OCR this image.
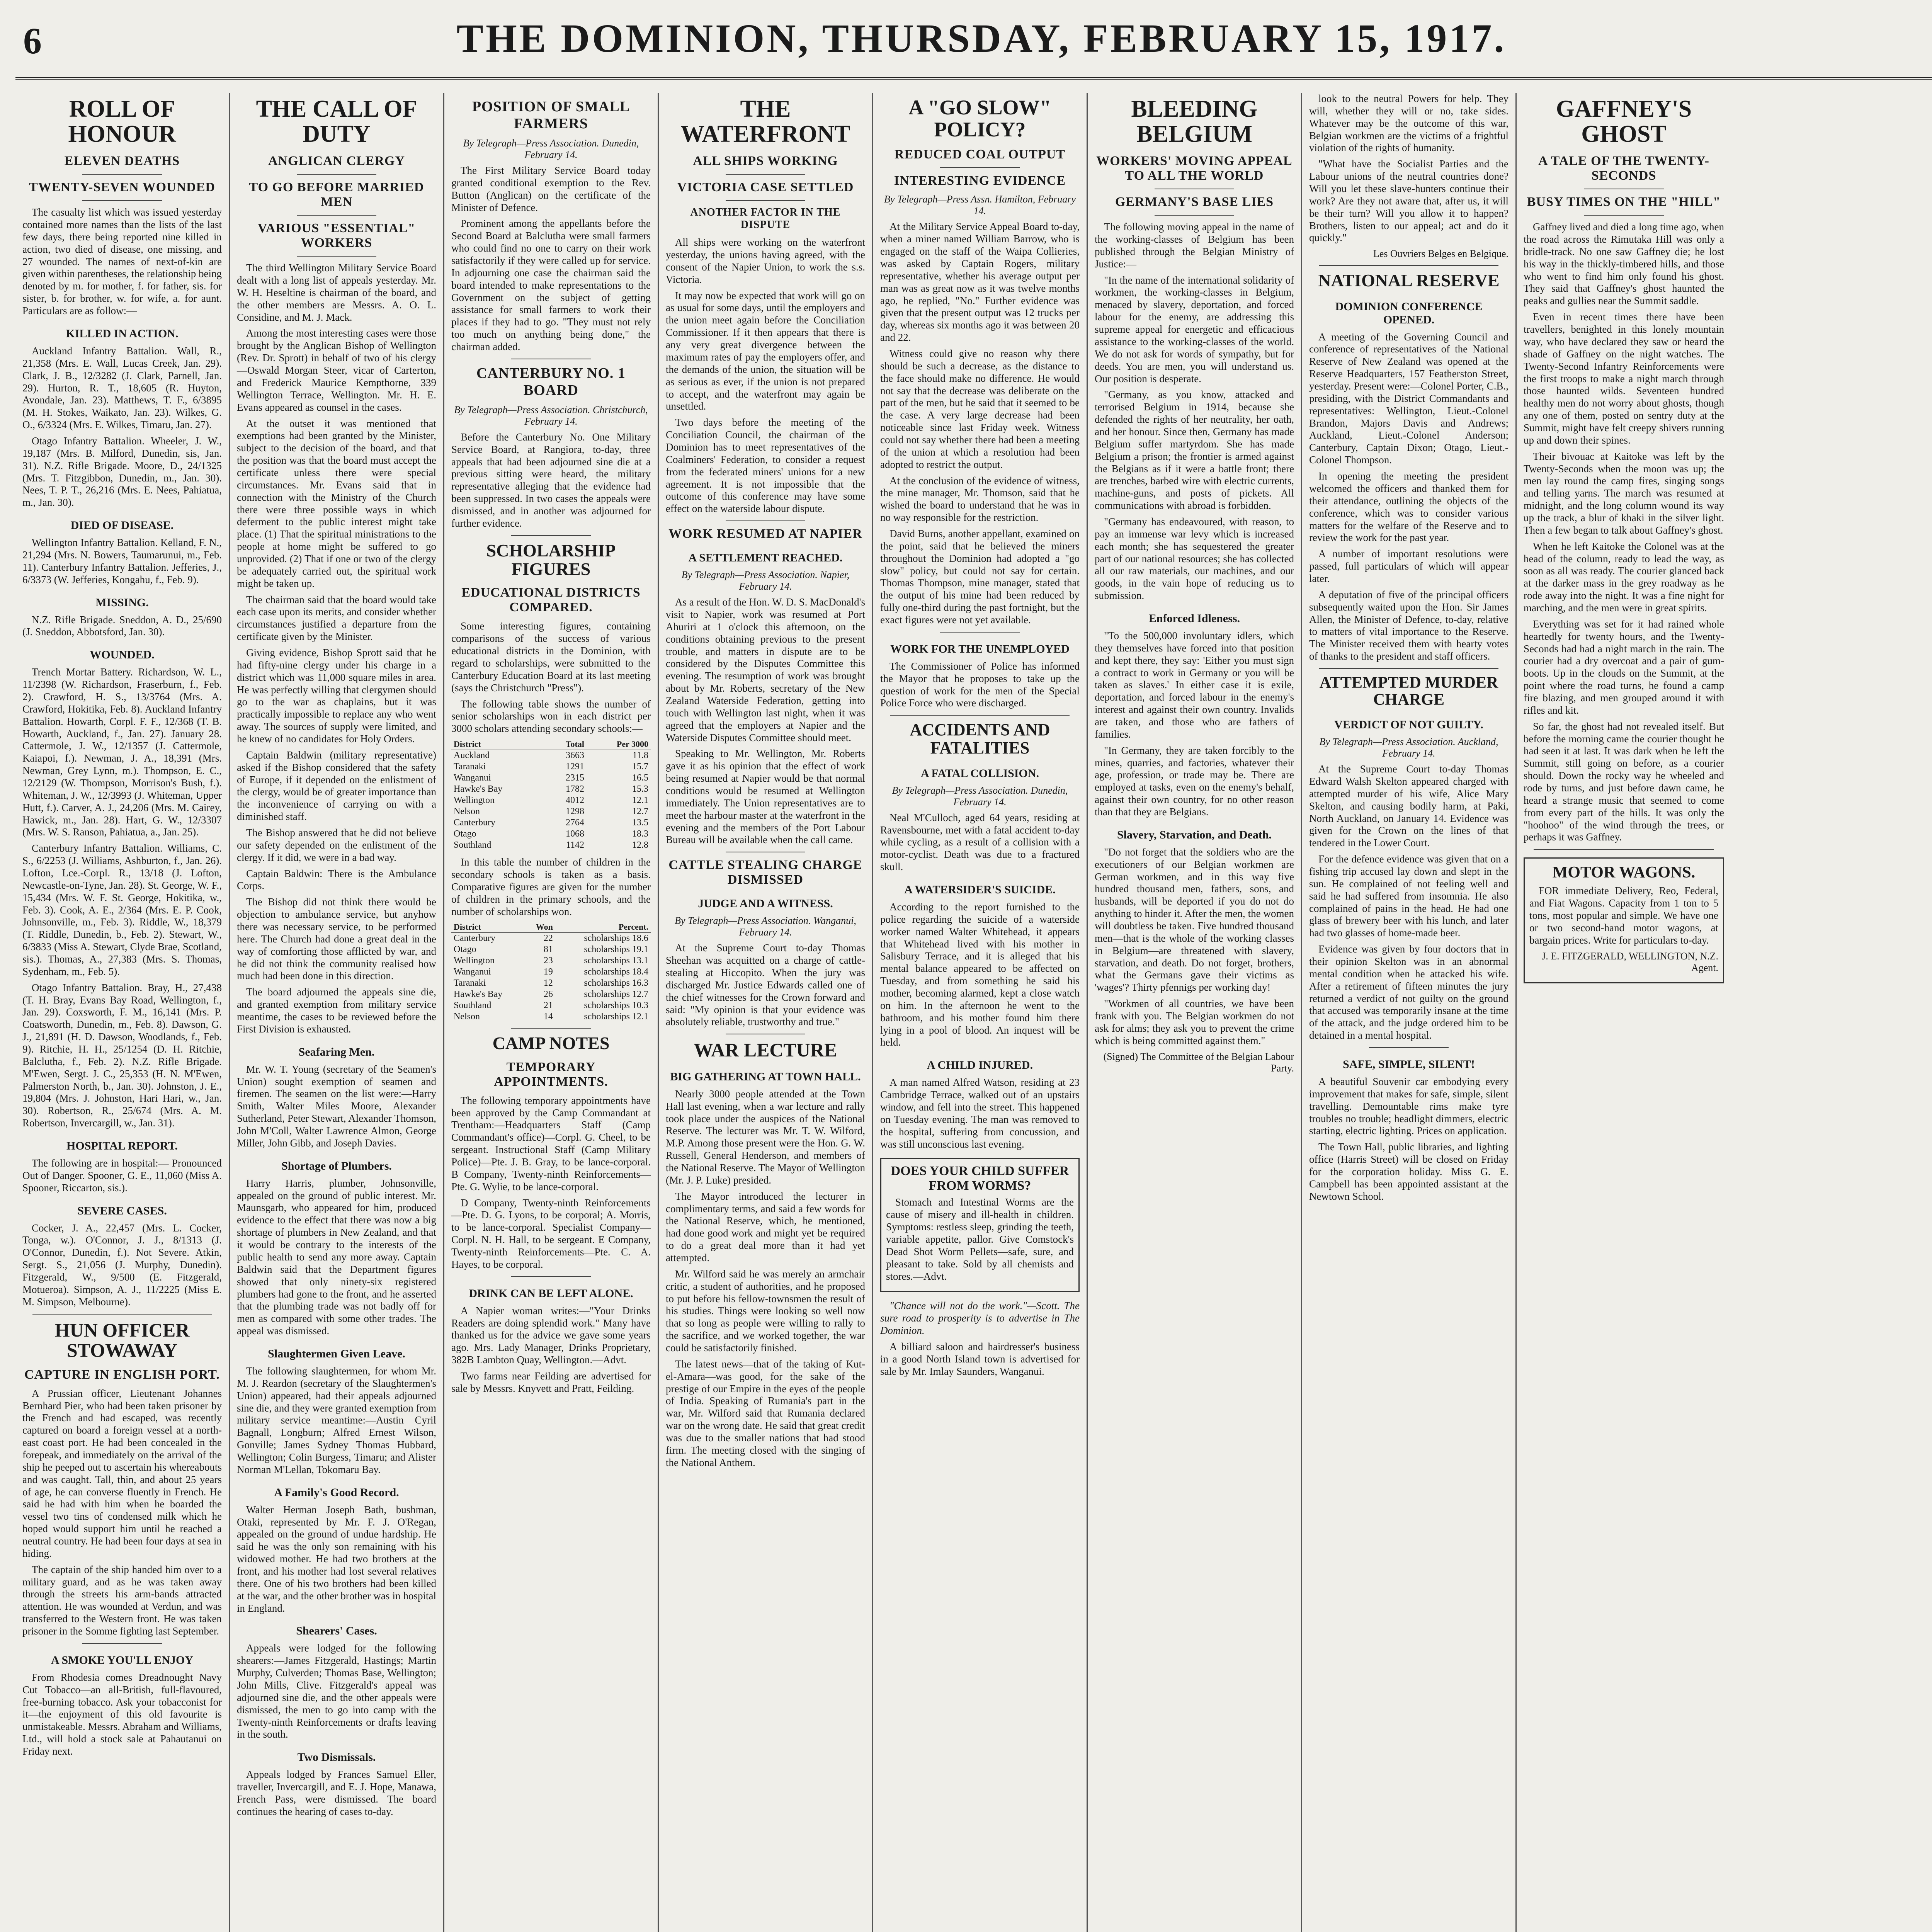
6	THE DOMINION, THURSDAY, FEBRUARY 15, 1917.
ROLL OF HONOUR
ELEVEN DEATHS
TWENTY-SEVEN WOUNDED

The casualty list which was issued yesterday contained more names than the lists of the last few days, there being reported nine killed in action, two died of disease, one missing, and 27 wounded. The names of next-of-kin are given within parentheses, the relationship being denoted by m. for mother, f. for father, sis. for sister, b. for brother, w. for wife, a. for aunt. Particulars are as follow:—

KILLED IN ACTION.

Auckland Infantry Battalion. Wall, R., 21,358 (Mrs. E. Wall, Lucas Creek, Jan. 29). Clark, J. B., 12/3282 (J. Clark, Parnell, Jan. 29). Hurton, R. T., 18,605 (R. Huyton, Avondale, Jan. 23). Matthews, T. F., 6/3895 (M. H. Stokes, Waikato, Jan. 23). Wilkes, G. O., 6/3324 (Mrs. E. Wilkes, Timaru, Jan. 27).

Otago Infantry Battalion. Wheeler, J. W., 19,187 (Mrs. B. Milford, Dunedin, sis, Jan. 31). N.Z. Rifle Brigade. Moore, D., 24/1325 (Mrs. T. Fitzgibbon, Dunedin, m., Jan. 30). Nees, T. P. T., 26,216 (Mrs. E. Nees, Pahiatua, m., Jan. 30).

DIED OF DISEASE.

Wellington Infantry Battalion. Kelland, F. N., 21,294 (Mrs. N. Bowers, Taumarunui, m., Feb. 11). Canterbury Infantry Battalion. Jefferies, J., 6/3373 (W. Jefferies, Kongahu, f., Feb. 9).

MISSING.

N.Z. Rifle Brigade. Sneddon, A. D., 25/690 (J. Sneddon, Abbotsford, Jan. 30).

WOUNDED.

Trench Mortar Battery. Richardson, W. L., 11/2398 (W. Richardson, Fraserburn, f., Feb. 2). Crawford, H. S., 13/3764 (Mrs. A. Crawford, Hokitika, Feb. 8). Auckland Infantry Battalion. Howarth, Corpl. F. F., 12/368 (T. B. Howarth, Auckland, f., Jan. 27). January 28. Cattermole, J. W., 12/1357 (J. Cattermole, Kaiapoi, f.). Newman, J. A., 18,391 (Mrs. Newman, Grey Lynn, m.). Thompson, E. C., 12/2129 (W. Thompson, Morrison's Bush, f.). Whiteman, J. W., 12/3993 (J. Whiteman, Upper Hutt, f.). Carver, A. J., 24,206 (Mrs. M. Cairey, Hawick, m., Jan. 28). Hart, G. W., 12/3307 (Mrs. W. S. Ranson, Pahiatua, a., Jan. 25).

Canterbury Infantry Battalion. Williams, C. S., 6/2253 (J. Williams, Ashburton, f., Jan. 26). Lofton, Lce.-Corpl. R., 13/18 (J. Lofton, Newcastle-on-Tyne, Jan. 28). St. George, W. F., 15,434 (Mrs. W. F. St. George, Hokitika, w., Feb. 3). Cook, A. E., 2/364 (Mrs. E. P. Cook, Johnsonville, m., Feb. 3). Riddle, W., 18,379 (T. Riddle, Dunedin, b., Feb. 2). Stewart, W., 6/3833 (Miss A. Stewart, Clyde Brae, Scotland, sis.). Thomas, A., 27,383 (Mrs. S. Thomas, Sydenham, m., Feb. 5).

Otago Infantry Battalion. Bray, H., 27,438 (T. H. Bray, Evans Bay Road, Wellington, f., Jan. 29). Coxsworth, F. M., 16,141 (Mrs. P. Coatsworth, Dunedin, m., Feb. 8). Dawson, G. J., 21,891 (H. D. Dawson, Woodlands, f., Feb. 9). Ritchie, H. H., 25/1254 (D. H. Ritchie, Balclutha, f., Feb. 2). N.Z. Rifle Brigade. M'Ewen, Sergt. J. C., 25,353 (H. N. M'Ewen, Palmerston North, b., Jan. 30). Johnston, J. E., 19,804 (Mrs. J. Johnston, Hari Hari, w., Jan. 30). Robertson, R., 25/674 (Mrs. A. M. Robertson, Invercargill, w., Jan. 31).

HOSPITAL REPORT.

The following are in hospital:— Pronounced Out of Danger. Spooner, G. E., 11,060 (Miss A. Spooner, Riccarton, sis.).

SEVERE CASES.

Cocker, J. A., 22,457 (Mrs. L. Cocker, Tonga, w.). O'Connor, J. J., 8/1313 (J. O'Connor, Dunedin, f.). Not Severe. Atkin, Sergt. S., 21,056 (J. Murphy, Dunedin). Fitzgerald, W., 9/500 (E. Fitzgerald, Motueroa). Simpson, A. J., 11/2225 (Miss E. M. Simpson, Melbourne).

HUN OFFICER STOWAWAY
CAPTURE IN ENGLISH PORT.

A Prussian officer, Lieutenant Johannes Bernhard Pier, who had been taken prisoner by the French and had escaped, was recently captured on board a foreign vessel at a north-east coast port. He had been concealed in the forepeak, and immediately on the arrival of the ship he peeped out to ascertain his whereabouts and was caught. Tall, thin, and about 25 years of age, he can converse fluently in French. He said he had with him when he boarded the vessel two tins of condensed milk which he hoped would support him until he reached a neutral country. He had been four days at sea in hiding.

The captain of the ship handed him over to a military guard, and as he was taken away through the streets his arm-bands attracted attention. He was wounded at Verdun, and was transferred to the Western front. He was taken prisoner in the Somme fighting last September.

A SMOKE YOU'LL ENJOY

From Rhodesia comes Dreadnought Navy Cut Tobacco—an all-British, full-flavoured, free-burning tobacco. Ask your tobacconist for it—the enjoyment of this old favourite is unmistakeable. Messrs. Abraham and Williams, Ltd., will hold a stock sale at Pahautanui on Friday next.

THE CALL OF DUTY
ANGLICAN CLERGY
TO GO BEFORE MARRIED MEN
VARIOUS "ESSENTIAL" WORKERS

The third Wellington Military Service Board dealt with a long list of appeals yesterday. Mr. W. H. Heseltine is chairman of the board, and the other members are Messrs. A. O. L. Considine, and M. J. Mack.

Among the most interesting cases were those brought by the Anglican Bishop of Wellington (Rev. Dr. Sprott) in behalf of two of his clergy—Oswald Morgan Steer, vicar of Carterton, and Frederick Maurice Kempthorne, 339 Wellington Terrace, Wellington. Mr. H. E. Evans appeared as counsel in the cases.

At the outset it was mentioned that exemptions had been granted by the Minister, subject to the decision of the board, and that the position was that the board must accept the certificate unless there were special circumstances. Mr. Evans said that in connection with the Ministry of the Church there were three possible ways in which deferment to the public interest might take place. (1) That the spiritual ministrations to the people at home might be suffered to go unprovided. (2) That if one or two of the clergy be adequately carried out, the spiritual work might be taken up.

The chairman said that the board would take each case upon its merits, and consider whether circumstances justified a departure from the certificate given by the Minister.

Giving evidence, Bishop Sprott said that he had fifty-nine clergy under his charge in a district which was 11,000 square miles in area. He was perfectly willing that clergymen should go to the war as chaplains, but it was practically impossible to replace any who went away. The sources of supply were limited, and he knew of no candidates for Holy Orders.

Captain Baldwin (military representative) asked if the Bishop considered that the safety of Europe, if it depended on the enlistment of the clergy, would be of greater importance than the inconvenience of carrying on with a diminished staff.

The Bishop answered that he did not believe our safety depended on the enlistment of the clergy. If it did, we were in a bad way.

Captain Baldwin: There is the Ambulance Corps.

The Bishop did not think there would be objection to ambulance service, but anyhow there was necessary service, to be performed here. The Church had done a great deal in the way of comforting those afflicted by war, and he did not think the community realised how much had been done in this direction.

The board adjourned the appeals sine die, and granted exemption from military service meantime, the cases to be reviewed before the First Division is exhausted.

Seafaring Men.

Mr. W. T. Young (secretary of the Seamen's Union) sought exemption of seamen and firemen. The seamen on the list were:—Harry Smith, Walter Miles Moore, Alexander Sutherland, Peter Stewart, Alexander Thomson, John M'Coll, Walter Lawrence Almon, George Miller, John Gibb, and Joseph Davies.

Shortage of Plumbers.

Harry Harris, plumber, Johnsonville, appealed on the ground of public interest. Mr. Maunsgarb, who appeared for him, produced evidence to the effect that there was now a big shortage of plumbers in New Zealand, and that it would be contrary to the interests of the public health to send any more away. Captain Baldwin said that the Department figures showed that only ninety-six registered plumbers had gone to the front, and he asserted that the plumbing trade was not badly off for men as compared with some other trades. The appeal was dismissed.

Slaughtermen Given Leave.

The following slaughtermen, for whom Mr. M. J. Reardon (secretary of the Slaughtermen's Union) appeared, had their appeals adjourned sine die, and they were granted exemption from military service meantime:—Austin Cyril Bagnall, Longburn; Alfred Ernest Wilson, Gonville; James Sydney Thomas Hubbard, Wellington; Colin Burgess, Timaru; and Alister Norman M'Lellan, Tokomaru Bay.

A Family's Good Record.

Walter Herman Joseph Bath, bushman, Otaki, represented by Mr. F. J. O'Regan, appealed on the ground of undue hardship. He said he was the only son remaining with his widowed mother. He had two brothers at the front, and his mother had lost several relatives there. One of his two brothers had been killed at the war, and the other brother was in hospital in England.

Shearers' Cases.

Appeals were lodged for the following shearers:—James Fitzgerald, Hastings; Martin Murphy, Culverden; Thomas Base, Wellington; John Mills, Clive. Fitzgerald's appeal was adjourned sine die, and the other appeals were dismissed, the men to go into camp with the Twenty-ninth Reinforcements or drafts leaving in the south.

Two Dismissals.

Appeals lodged by Frances Samuel Eller, traveller, Invercargill, and E. J. Hope, Manawa, French Pass, were dismissed. The board continues the hearing of cases to-day.

POSITION OF SMALL FARMERS

By Telegraph—Press Association. Dunedin, February 14.

The First Military Service Board today granted conditional exemption to the Rev. Button (Anglican) on the certificate of the Minister of Defence.

Prominent among the appellants before the Second Board at Balclutha were small farmers who could find no one to carry on their work satisfactorily if they were called up for service. In adjourning one case the chairman said the board intended to make representations to the Government on the subject of getting assistance for small farmers to work their places if they had to go. "They must not rely too much on anything being done," the chairman added.

CANTERBURY NO. 1 BOARD

By Telegraph—Press Association. Christchurch, February 14.

Before the Canterbury No. One Military Service Board, at Rangiora, to-day, three appeals that had been adjourned sine die at a previous sitting were heard, the military representative alleging that the evidence had been suppressed. In two cases the appeals were dismissed, and in another was adjourned for further evidence.

SCHOLARSHIP FIGURES
EDUCATIONAL DISTRICTS COMPARED.

Some interesting figures, containing comparisons of the success of various educational districts in the Dominion, with regard to scholarships, were submitted to the Canterbury Education Board at its last meeting (says the Christchurch "Press").

The following table shows the number of senior scholarships won in each district per 3000 scholars attending secondary schools:—

District	Total	Per 3000
Auckland	3663	11.8
Taranaki	1291	15.7
Wanganui	2315	16.5
Hawke's Bay	1782	15.3
Wellington	4012	12.1
Nelson	1298	12.7
Canterbury	2764	13.5
Otago	1068	18.3
Southland	1142	12.8

In this table the number of children in the secondary schools is taken as a basis. Comparative figures are given for the number of children in the primary schools, and the number of scholarships won.

District	Won	Percent.
Canterbury	22	scholarships 18.6
Otago	81	scholarships 19.1
Wellington	23	scholarships 13.1
Wanganui	19	scholarships 18.4
Taranaki	12	scholarships 16.3
Hawke's Bay	26	scholarships 12.7
Southland	21	scholarships 10.3
Nelson	14	scholarships 12.1
CAMP NOTES
TEMPORARY APPOINTMENTS.

The following temporary appointments have been approved by the Camp Commandant at Trentham:—Headquarters Staff (Camp Commandant's office)—Corpl. G. Cheel, to be sergeant. Instructional Staff (Camp Military Police)—Pte. J. B. Gray, to be lance-corporal. B Company, Twenty-ninth Reinforcements—Pte. G. Wylie, to be lance-corporal.

D Company, Twenty-ninth Reinforcements—Pte. D. G. Lyons, to be corporal; A. Morris, to be lance-corporal. Specialist Company—Corpl. N. H. Hall, to be sergeant. E Company, Twenty-ninth Reinforcements—Pte. C. A. Hayes, to be corporal.

DRINK CAN BE LEFT ALONE.

A Napier woman writes:—"Your Drinks Readers are doing splendid work." Many have thanked us for the advice we gave some years ago. Mrs. Lady Manager, Drinks Proprietary, 382B Lambton Quay, Wellington.—Advt.

Two farms near Feilding are advertised for sale by Messrs. Knyvett and Pratt, Feilding.

THE WATERFRONT
ALL SHIPS WORKING
VICTORIA CASE SETTLED
ANOTHER FACTOR IN THE DISPUTE

All ships were working on the waterfront yesterday, the unions having agreed, with the consent of the Napier Union, to work the s.s. Victoria.

It may now be expected that work will go on as usual for some days, until the employers and the union meet again before the Conciliation Commissioner. If it then appears that there is any very great divergence between the maximum rates of pay the employers offer, and the demands of the union, the situation will be as serious as ever, if the union is not prepared to accept, and the waterfront may again be unsettled.

Two days before the meeting of the Conciliation Council, the chairman of the Dominion has to meet representatives of the Coalminers' Federation, to consider a request from the federated miners' unions for a new agreement. It is not impossible that the outcome of this conference may have some effect on the waterside labour dispute.

WORK RESUMED AT NAPIER
A SETTLEMENT REACHED.

By Telegraph—Press Association. Napier, February 14.

As a result of the Hon. W. D. S. MacDonald's visit to Napier, work was resumed at Port Ahuriri at 1 o'clock this afternoon, on the conditions obtaining previous to the present trouble, and matters in dispute are to be considered by the Disputes Committee this evening. The resumption of work was brought about by Mr. Roberts, secretary of the New Zealand Waterside Federation, getting into touch with Wellington last night, when it was agreed that the employers at Napier and the Waterside Disputes Committee should meet.

Speaking to Mr. Wellington, Mr. Roberts gave it as his opinion that the effect of work being resumed at Napier would be that normal conditions would be resumed at Wellington immediately. The Union representatives are to meet the harbour master at the waterfront in the evening and the members of the Port Labour Bureau will be available when the call came.

CATTLE STEALING CHARGE DISMISSED
JUDGE AND A WITNESS.

By Telegraph—Press Association. Wanganui, February 14.

At the Supreme Court to-day Thomas Sheehan was acquitted on a charge of cattle-stealing at Hiccopito. When the jury was discharged Mr. Justice Edwards called one of the chief witnesses for the Crown forward and said: "My opinion is that your evidence was absolutely reliable, trustworthy and true."

WAR LECTURE
BIG GATHERING AT TOWN HALL.

Nearly 3000 people attended at the Town Hall last evening, when a war lecture and rally took place under the auspices of the National Reserve. The lecturer was Mr. T. W. Wilford, M.P. Among those present were the Hon. G. W. Russell, General Henderson, and members of the National Reserve. The Mayor of Wellington (Mr. J. P. Luke) presided.

The Mayor introduced the lecturer in complimentary terms, and said a few words for the National Reserve, which, he mentioned, had done good work and might yet be required to do a great deal more than it had yet attempted.

Mr. Wilford said he was merely an armchair critic, a student of authorities, and he proposed to put before his fellow-townsmen the result of his studies. Things were looking so well now that so long as people were willing to rally to the sacrifice, and we worked together, the war could be satisfactorily finished.

The latest news—that of the taking of Kut-el-Amara—was good, for the sake of the prestige of our Empire in the eyes of the people of India. Speaking of Rumania's part in the war, Mr. Wilford said that Rumania declared war on the wrong date. He said that great credit was due to the smaller nations that had stood firm. The meeting closed with the singing of the National Anthem.

A "GO SLOW" POLICY?
REDUCED COAL OUTPUT
INTERESTING EVIDENCE

By Telegraph—Press Assn. Hamilton, February 14.

At the Military Service Appeal Board to-day, when a miner named William Barrow, who is engaged on the staff of the Waipa Collieries, was asked by Captain Rogers, military representative, whether his average output per man was as great now as it was twelve months ago, he replied, "No." Further evidence was given that the present output was 12 trucks per day, whereas six months ago it was between 20 and 22.

Witness could give no reason why there should be such a decrease, as the distance to the face should make no difference. He would not say that the decrease was deliberate on the part of the men, but he said that it seemed to be the case. A very large decrease had been noticeable since last Friday week. Witness could not say whether there had been a meeting of the union at which a resolution had been adopted to restrict the output.

At the conclusion of the evidence of witness, the mine manager, Mr. Thomson, said that he wished the board to understand that he was in no way responsible for the restriction.

David Burns, another appellant, examined on the point, said that he believed the miners throughout the Dominion had adopted a "go slow" policy, but could not say for certain. Thomas Thompson, mine manager, stated that the output of his mine had been reduced by fully one-third during the past fortnight, but the exact figures were not yet available.

WORK FOR THE UNEMPLOYED

The Commissioner of Police has informed the Mayor that he proposes to take up the question of work for the men of the Special Police Force who were discharged.

ACCIDENTS AND FATALITIES
A FATAL COLLISION.

By Telegraph—Press Association. Dunedin, February 14.

Neal M'Culloch, aged 64 years, residing at Ravensbourne, met with a fatal accident to-day while cycling, as a result of a collision with a motor-cyclist. Death was due to a fractured skull.

A WATERSIDER'S SUICIDE.

According to the report furnished to the police regarding the suicide of a waterside worker named Walter Whitehead, it appears that Whitehead lived with his mother in Salisbury Terrace, and it is alleged that his mental balance appeared to be affected on Tuesday, and from something he said his mother, becoming alarmed, kept a close watch on him. In the afternoon he went to the bathroom, and his mother found him there lying in a pool of blood. An inquest will be held.

A CHILD INJURED.

A man named Alfred Watson, residing at 23 Cambridge Terrace, walked out of an upstairs window, and fell into the street. This happened on Tuesday evening. The man was removed to the hospital, suffering from concussion, and was still unconscious last evening.

DOES YOUR CHILD SUFFER FROM WORMS?

Stomach and Intestinal Worms are the cause of misery and ill-health in children. Symptoms: restless sleep, grinding the teeth, variable appetite, pallor. Give Comstock's Dead Shot Worm Pellets—safe, sure, and pleasant to take. Sold by all chemists and stores.—Advt.

"Chance will not do the work."—Scott. The sure road to prosperity is to advertise in The Dominion.

A billiard saloon and hairdresser's business in a good North Island town is advertised for sale by Mr. Imlay Saunders, Wanganui.

BLEEDING BELGIUM
WORKERS' MOVING APPEAL TO ALL THE WORLD
GERMANY'S BASE LIES

The following moving appeal in the name of the working-classes of Belgium has been published through the Belgian Ministry of Justice:—

"In the name of the international solidarity of workmen, the working-classes in Belgium, menaced by slavery, deportation, and forced labour for the enemy, are addressing this supreme appeal for energetic and efficacious assistance to the working-classes of the world. We do not ask for words of sympathy, but for deeds. You are men, you will understand us. Our position is desperate.

"Germany, as you know, attacked and terrorised Belgium in 1914, because she defended the rights of her neutrality, her oath, and her honour. Since then, Germany has made Belgium suffer martyrdom. She has made Belgium a prison; the frontier is armed against the Belgians as if it were a battle front; there are trenches, barbed wire with electric currents, machine-guns, and posts of pickets. All communications with abroad is forbidden.

"Germany has endeavoured, with reason, to pay an immense war levy which is increased each month; she has sequestered the greater part of our national resources; she has collected all our raw materials, our machines, and our goods, in the vain hope of reducing us to submission.

Enforced Idleness.

"To the 500,000 involuntary idlers, which they themselves have forced into that position and kept there, they say: 'Either you must sign a contract to work in Germany or you will be taken as slaves.' In either case it is exile, deportation, and forced labour in the enemy's interest and against their own country. Invalids are taken, and those who are fathers of families.

"In Germany, they are taken forcibly to the mines, quarries, and factories, whatever their age, profession, or trade may be. There are employed at tasks, even on the enemy's behalf, against their own country, for no other reason than that they are Belgians.

Slavery, Starvation, and Death.

"Do not forget that the soldiers who are the executioners of our Belgian workmen are German workmen, and in this way five hundred thousand men, fathers, sons, and husbands, will be deported if you do not do anything to hinder it. After the men, the women will doubtless be taken. Five hundred thousand men—that is the whole of the working classes in Belgium—are threatened with slavery, starvation, and death. Do not forget, brothers, what the Germans gave their victims as 'wages'? Thirty pfennigs per working day!

"Workmen of all countries, we have been frank with you. The Belgian workmen do not ask for alms; they ask you to prevent the crime which is being committed against them."

(Signed) The Committee of the Belgian Labour Party.

look to the neutral Powers for help. They will, whether they will or no, take sides. Whatever may be the outcome of this war, Belgian workmen are the victims of a frightful violation of the rights of humanity.

"What have the Socialist Parties and the Labour unions of the neutral countries done? Will you let these slave-hunters continue their work? Are they not aware that, after us, it will be their turn? Will you allow it to happen? Brothers, listen to our appeal; act and do it quickly."

Les Ouvriers Belges en Belgique.
NATIONAL RESERVE
DOMINION CONFERENCE OPENED.

A meeting of the Governing Council and conference of representatives of the National Reserve of New Zealand was opened at the Reserve Headquarters, 157 Featherston Street, yesterday. Present were:—Colonel Porter, C.B., presiding, with the District Commandants and representatives: Wellington, Lieut.-Colonel Brandon, Majors Davis and Andrews; Auckland, Lieut.-Colonel Anderson; Canterbury, Captain Dixon; Otago, Lieut.-Colonel Thompson.

In opening the meeting the president welcomed the officers and thanked them for their attendance, outlining the objects of the conference, which was to consider various matters for the welfare of the Reserve and to review the work for the past year.

A number of important resolutions were passed, full particulars of which will appear later.

A deputation of five of the principal officers subsequently waited upon the Hon. Sir James Allen, the Minister of Defence, to-day, relative to matters of vital importance to the Reserve. The Minister received them with hearty votes of thanks to the president and staff officers.

ATTEMPTED MURDER CHARGE
VERDICT OF NOT GUILTY.

By Telegraph—Press Association. Auckland, February 14.

At the Supreme Court to-day Thomas Edward Walsh Skelton appeared charged with attempted murder of his wife, Alice Mary Skelton, and causing bodily harm, at Paki, North Auckland, on January 14. Evidence was given for the Crown on the lines of that tendered in the Lower Court.

For the defence evidence was given that on a fishing trip accused lay down and slept in the sun. He complained of not feeling well and said he had suffered from insomnia. He also complained of pains in the head. He had one glass of brewery beer with his lunch, and later had two glasses of home-made beer.

Evidence was given by four doctors that in their opinion Skelton was in an abnormal mental condition when he attacked his wife. After a retirement of fifteen minutes the jury returned a verdict of not guilty on the ground that accused was temporarily insane at the time of the attack, and the judge ordered him to be detained in a mental hospital.

SAFE, SIMPLE, SILENT!

A beautiful Souvenir car embodying every improvement that makes for safe, simple, silent travelling. Demountable rims make tyre troubles no trouble; headlight dimmers, electric starting, electric lighting. Prices on application.

The Town Hall, public libraries, and lighting office (Harris Street) will be closed on Friday for the corporation holiday. Miss G. E. Campbell has been appointed assistant at the Newtown School.

GAFFNEY'S GHOST
A TALE OF THE TWENTY-SECONDS
BUSY TIMES ON THE "HILL"

Gaffney lived and died a long time ago, when the road across the Rimutaka Hill was only a bridle-track. No one saw Gaffney die; he lost his way in the thickly-timbered hills, and those who went to find him only found his ghost. They said that Gaffney's ghost haunted the peaks and gullies near the Summit saddle.

Even in recent times there have been travellers, benighted in this lonely mountain way, who have declared they saw or heard the shade of Gaffney on the night watches. The Twenty-Second Infantry Reinforcements were the first troops to make a night march through those haunted wilds. Seventeen hundred healthy men do not worry about ghosts, though any one of them, posted on sentry duty at the Summit, might have felt creepy shivers running up and down their spines.

Their bivouac at Kaitoke was left by the Twenty-Seconds when the moon was up; the men lay round the camp fires, singing songs and telling yarns. The march was resumed at midnight, and the long column wound its way up the track, a blur of khaki in the silver light. Then a few began to talk about Gaffney's ghost.

When he left Kaitoke the Colonel was at the head of the column, ready to lead the way, as soon as all was ready. The courier glanced back at the darker mass in the grey roadway as he rode away into the night. It was a fine night for marching, and the men were in great spirits.

Everything was set for it had rained whole heartedly for twenty hours, and the Twenty-Seconds had had a night march in the rain. The courier had a dry overcoat and a pair of gum-boots. Up in the clouds on the Summit, at the point where the road turns, he found a camp fire blazing, and men grouped around it with rifles and kit.

So far, the ghost had not revealed itself. But before the morning came the courier thought he had seen it at last. It was dark when he left the Summit, still going on before, as a courier should. Down the rocky way he wheeled and rode by turns, and just before dawn came, he heard a strange music that seemed to come from every part of the hills. It was only the "hoohoo" of the wind through the trees, or perhaps it was Gaffney.

MOTOR WAGONS.

FOR immediate Delivery, Reo, Federal, and Fiat Wagons. Capacity from 1 ton to 5 tons, most popular and simple. We have one or two second-hand motor wagons, at bargain prices. Write for particulars to-day.

J. E. FITZGERALD, WELLINGTON, N.Z. Agent.
